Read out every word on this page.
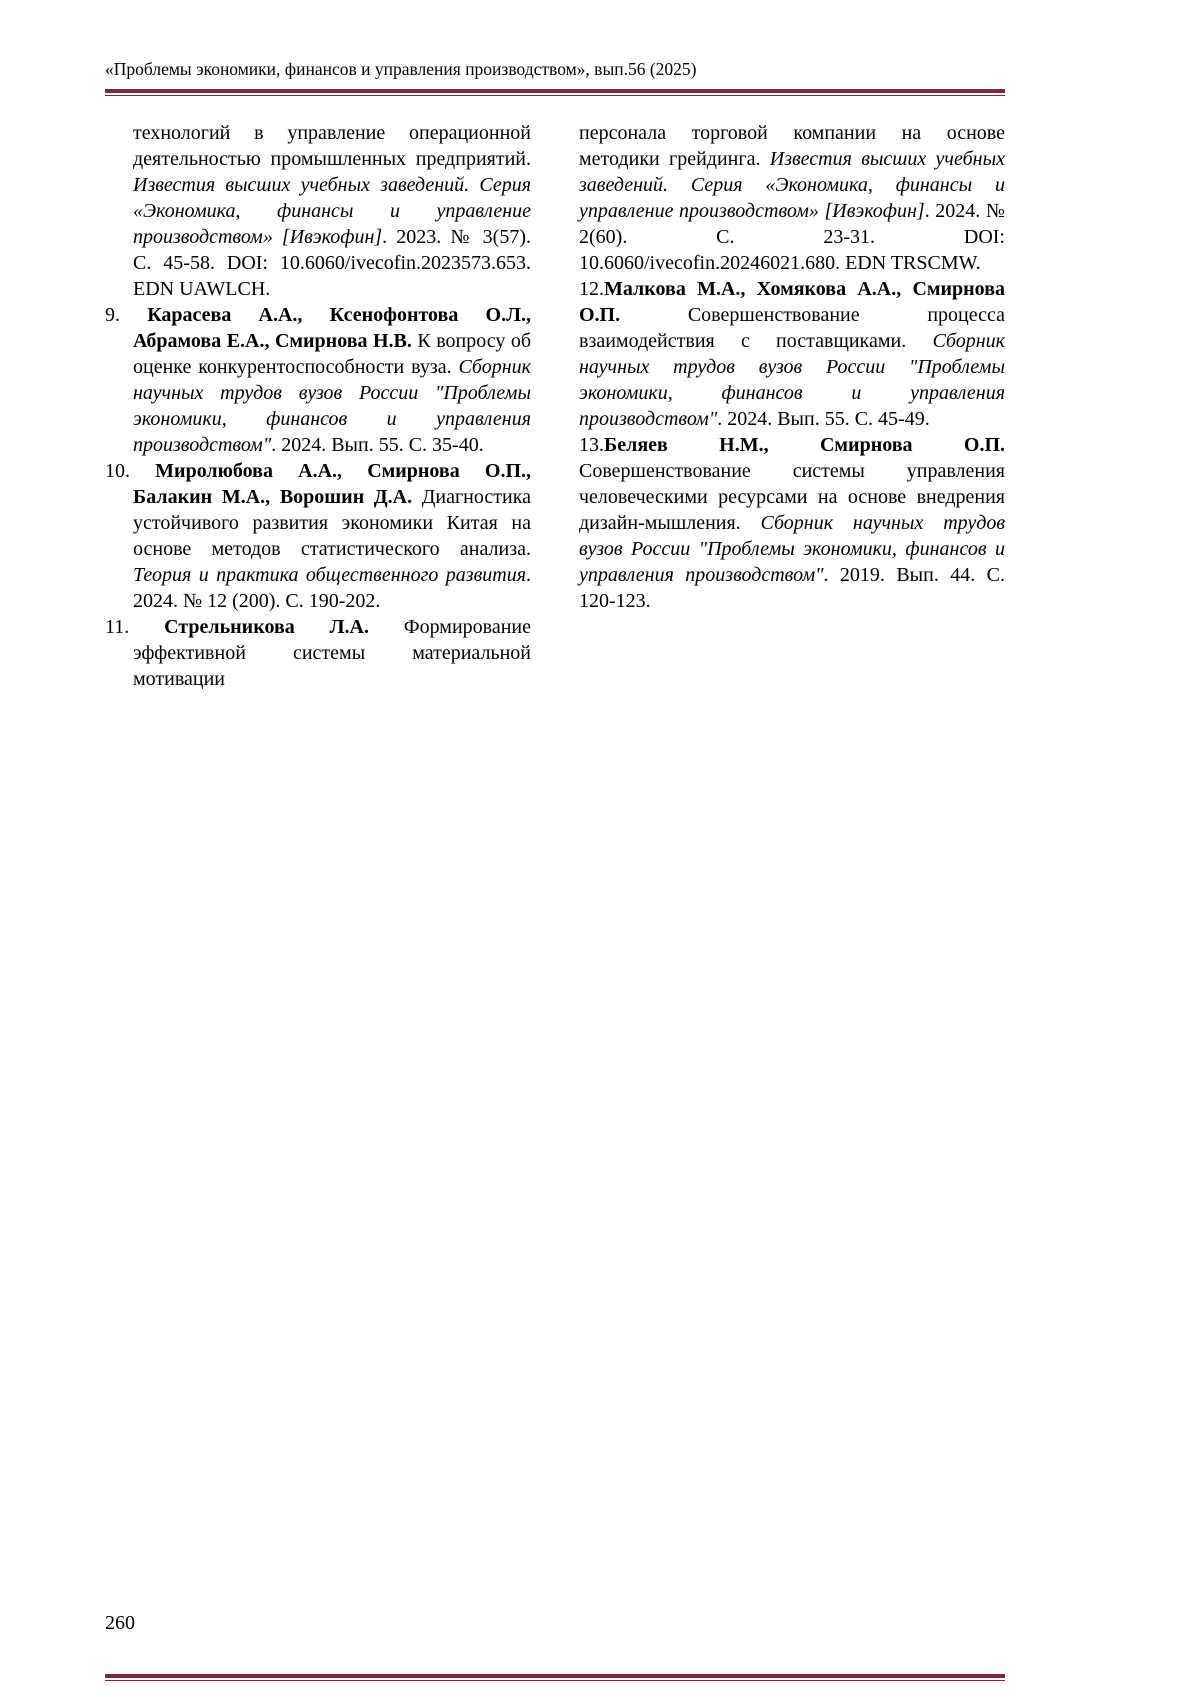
«Проблемы экономики, финансов и управления производством», вып.56 (2025)
технологий в управление операционной деятельностью промышленных предприятий. Известия высших учебных заведений. Серия «Экономика, финансы и управление производством» [Ивэкофин]. 2023. № 3(57). С. 45-58. DOI: 10.6060/ivecofin.2023573.653. EDN UAWLCH.
9. Карасева А.А., Ксенофонтова О.Л., Абрамова Е.А., Смирнова Н.В. К вопросу об оценке конкурентоспособности вуза. Сборник научных трудов вузов России "Проблемы экономики, финансов и управления производством". 2024. Вып. 55. С. 35-40.
10. Миролюбова А.А., Смирнова О.П., Балакин М.А., Ворошин Д.А. Диагностика устойчивого развития экономики Китая на основе методов статистического анализа. Теория и практика общественного развития. 2024. № 12 (200). С. 190-202.
11. Стрельникова Л.А. Формирование эффективной системы материальной мотивации
персонала торговой компании на основе методики грейдинга. Известия высших учебных заведений. Серия «Экономика, финансы и управление производством» [Ивэкофин]. 2024. № 2(60). С. 23-31. DOI: 10.6060/ivecofin.20246021.680. EDN TRSCMW.
12.Малкова М.А., Хомякова А.А., Смирнова О.П. Совершенствование процесса взаимодействия с поставщиками. Сборник научных трудов вузов России "Проблемы экономики, финансов и управления производством". 2024. Вып. 55. С. 45-49.
13.Беляев Н.М., Смирнова О.П. Совершенствование системы управления человеческими ресурсами на основе внедрения дизайн-мышления. Сборник научных трудов вузов России "Проблемы экономики, финансов и управления производством". 2019. Вып. 44. С. 120-123.
260
